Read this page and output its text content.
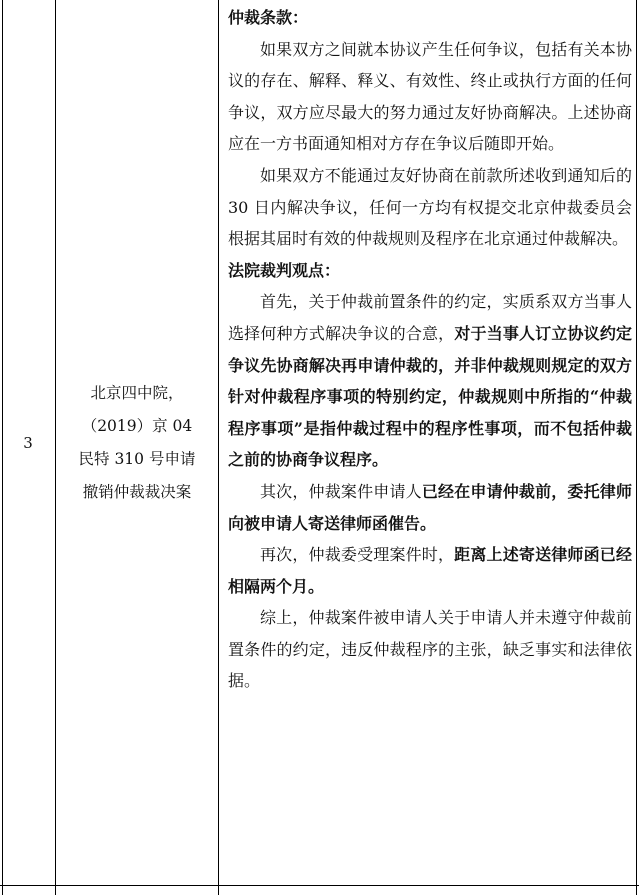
3
北京四中院，（2019）京 04 民特 310 号申请撤销仲裁裁决案

仲裁条款：

如果双方之间就本协议产生任何争议，包括有关本协议的存在、解释、释义、有效性、终止或执行方面的任何争议，双方应尽最大的努力通过友好协商解决。上述协商应在一方书面通知相对方存在争议后随即开始。

如果双方不能通过友好协商在前款所述收到通知后的 30 日内解决争议，任何一方均有权提交北京仲裁委员会根据其届时有效的仲裁规则及程序在北京通过仲裁解决。

法院裁判观点：

首先，关于仲裁前置条件的约定，实质系双方当事人选择何种方式解决争议的合意，对于当事人订立协议约定争议先协商解决再申请仲裁的，并非仲裁规则规定的双方针对仲裁程序事项的特别约定，仲裁规则中所指的“仲裁程序事项”是指仲裁过程中的程序性事项，而不包括仲裁之前的协商争议程序。

其次，仲裁案件申请人已经在申请仲裁前，委托律师向被申请人寄送律师函催告。

再次，仲裁委受理案件时，距离上述寄送律师函已经相隔两个月。

综上，仲裁案件被申请人关于申请人并未遵守仲裁前置条件的约定，违反仲裁程序的主张，缺乏事实和法律依据。
